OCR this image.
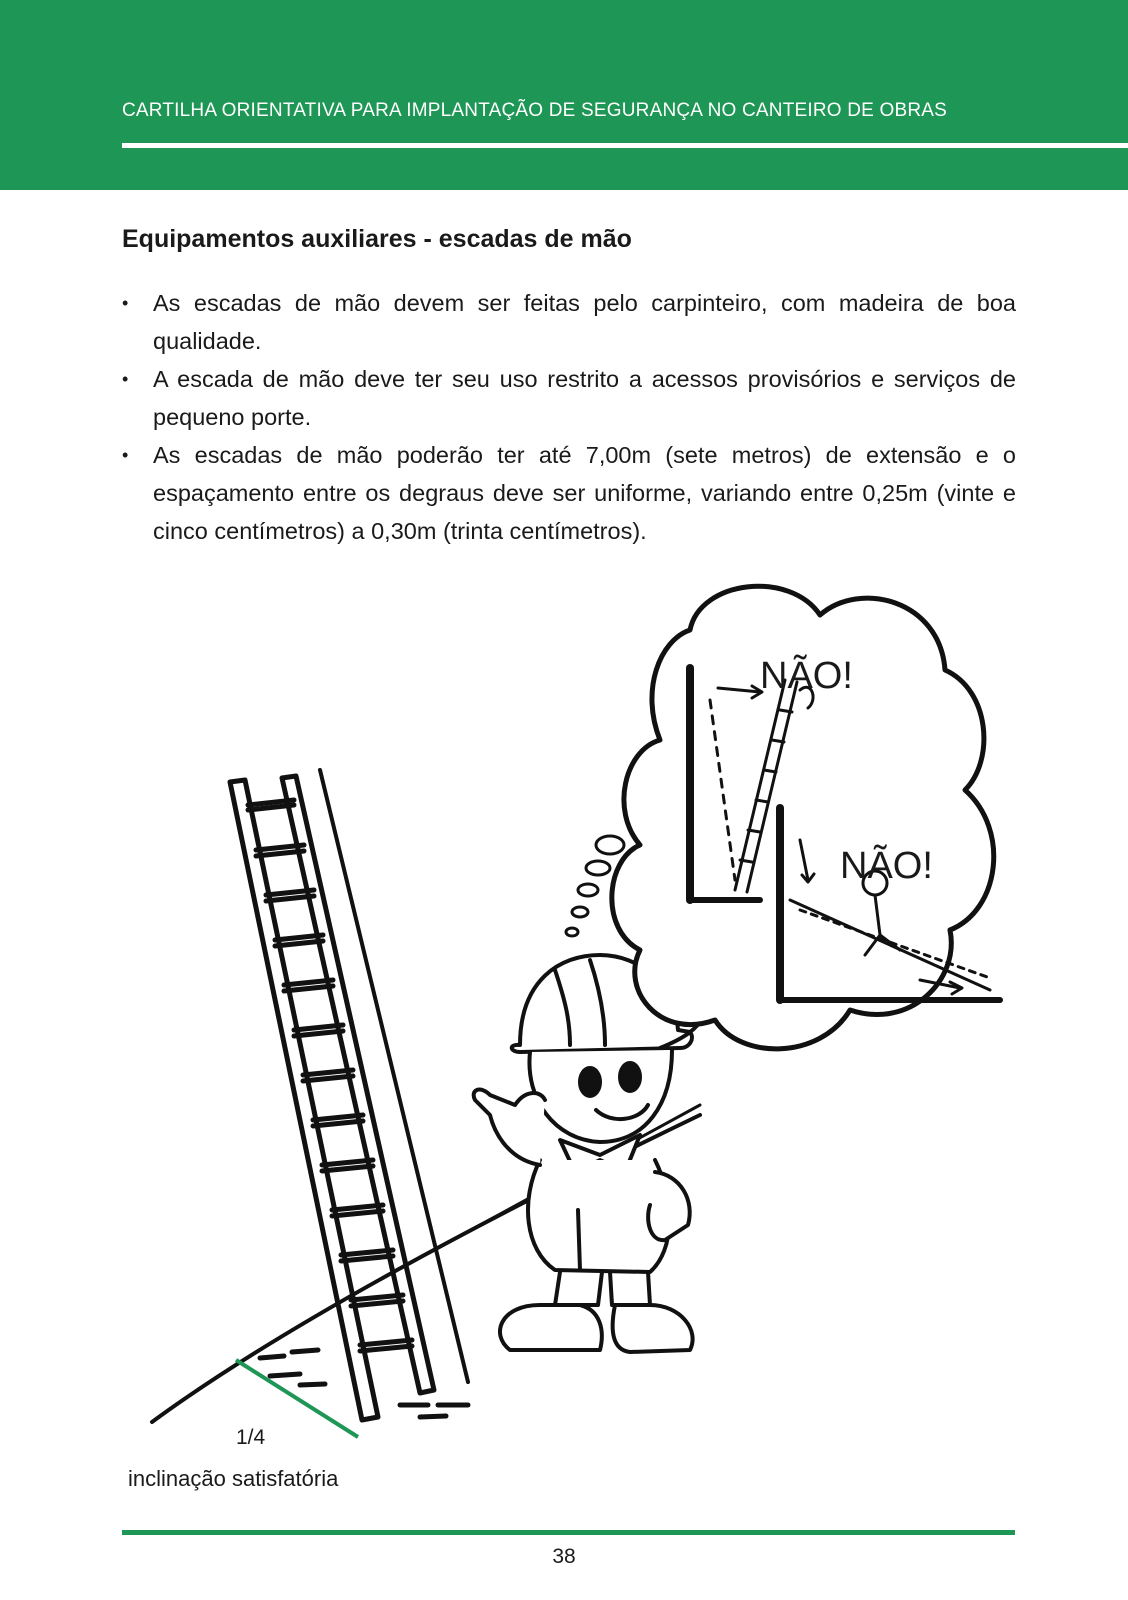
CARTILHA ORIENTATIVA PARA IMPLANTAÇÃO DE SEGURANÇA NO CANTEIRO DE OBRAS
Equipamentos auxiliares - escadas de mão
• As escadas de mão devem ser feitas pelo carpinteiro, com madeira de boa qualidade.
• A escada de mão deve ter seu uso restrito a acessos provisórios e serviços de pequeno porte.
• As escadas de mão poderão ter até 7,00m (sete metros) de extensão e o espaçamento entre os degraus deve ser uniforme, variando entre 0,25m (vinte e cinco centímetros) a 0,30m (trinta centímetros).
NÃO!
NÃO!
1/4
inclinação satisfatória
38
